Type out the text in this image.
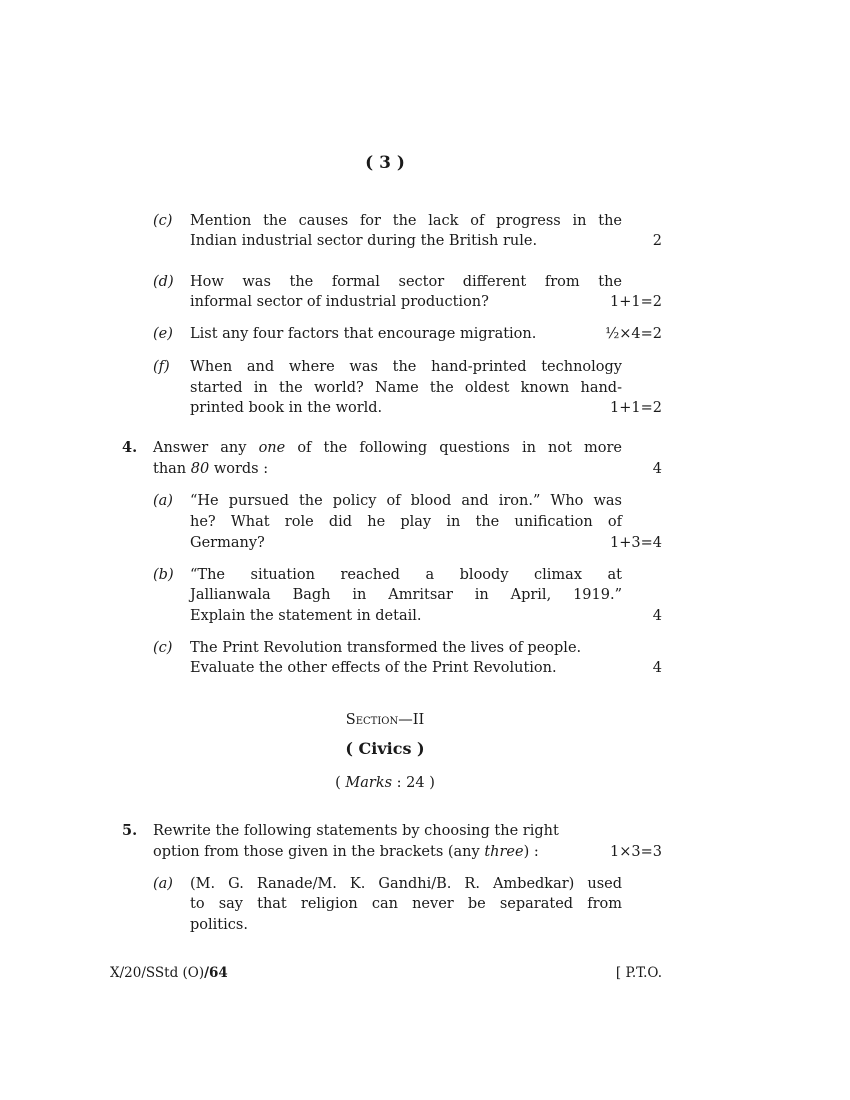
( 3 )
(c) Mention the causes for the lack of progress in the
Indian industrial sector during the British rule.	2
(d) How was the formal sector different from the
informal sector of industrial production?	1+1=2
(e) List any four factors that encourage migration.	½×4=2
(f) When and where was the hand-printed technology
started in the world? Name the oldest known hand-
printed book in the world.	1+1=2
4. Answer any one of the following questions in not more
than 80 words :	4
(a) “He pursued the policy of blood and iron.” Who was
he? What role did he play in the unification of
Germany?	1+3=4
(b) “The situation reached a bloody climax at
Jallianwala Bagh in Amritsar in April, 1919.”
Explain the statement in detail.	4
(c) The Print Revolution transformed the lives of people.
Evaluate the other effects of the Print Revolution.	4
Section—II
( Civics )
( Marks : 24 )
5. Rewrite the following statements by choosing the right
option from those given in the brackets (any three) :	1×3=3
(a) (M. G. Ranade/M. K. Gandhi/B. R. Ambedkar) used
to say that religion can never be separated from
politics.
X/20/SStd (O)/64	[ P.T.O.
